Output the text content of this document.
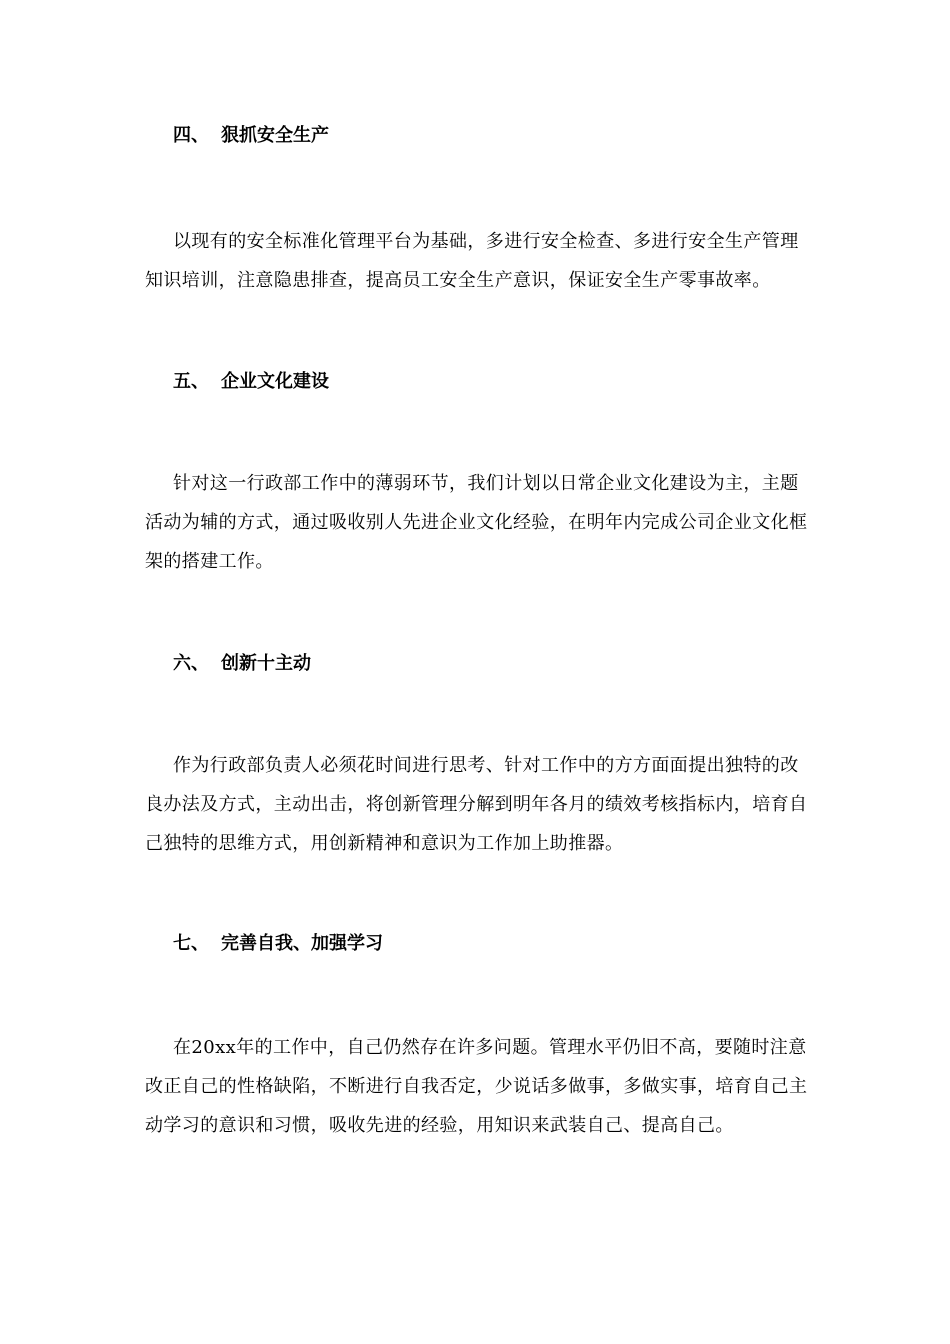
四、 狠抓安全生产

以现有的安全标准化管理平台为基础，多进行安全检查、多进行安全生产管理知识培训，注意隐患排查，提高员工安全生产意识，保证安全生产零事故率。

五、 企业文化建设

针对这一行政部工作中的薄弱环节，我们计划以日常企业文化建设为主，主题活动为辅的方式，通过吸收别人先进企业文化经验，在明年内完成公司企业文化框架的搭建工作。

六、 创新十主动

作为行政部负责人必须花时间进行思考、针对工作中的方方面面提出独特的改良办法及方式，主动出击，将创新管理分解到明年各月的绩效考核指标内，培育自己独特的思维方式，用创新精神和意识为工作加上助推器。

七、 完善自我、加强学习

在20xx年的工作中，自己仍然存在许多问题。管理水平仍旧不高，要随时注意改正自己的性格缺陷，不断进行自我否定，少说话多做事，多做实事，培育自己主动学习的意识和习惯，吸收先进的经验，用知识来武装自己、提高自己。
